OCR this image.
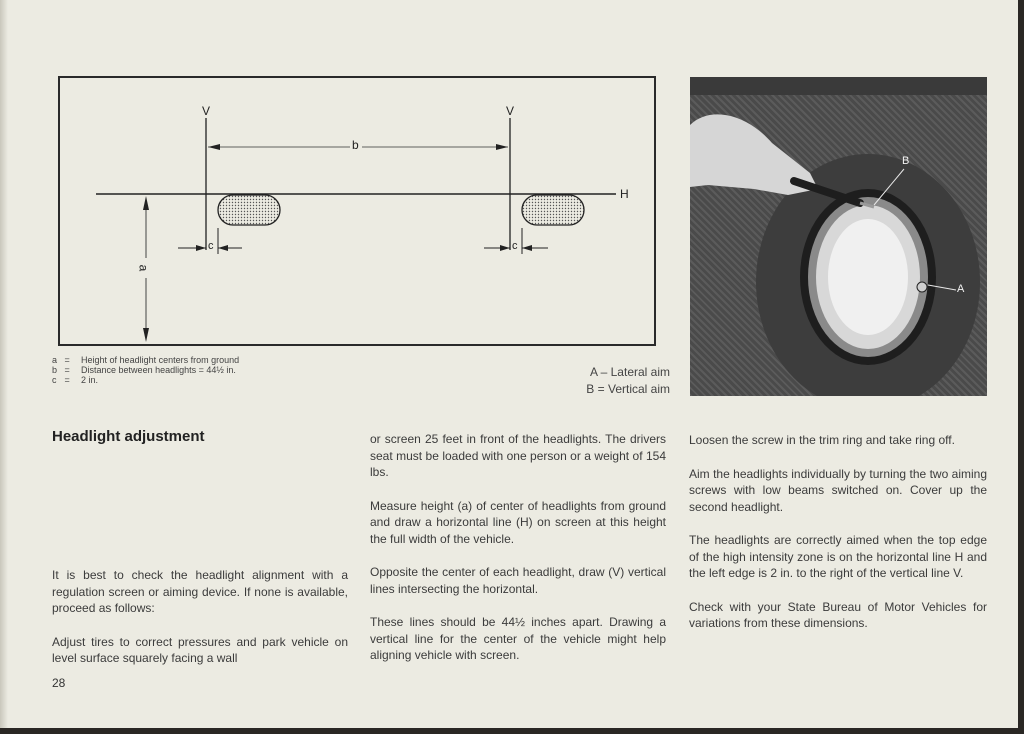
V	V
b
H
a
c	c
a = Height of headlight centers from ground
b = Distance between headlights = 44½ in.
c = 2 in.
A – Lateral aim
B = Vertical aim
B
A
Headlight adjustment

It is best to check the headlight alignment with a regulation screen or aiming device. If none is available, proceed as follows:

Adjust tires to correct pressures and park vehicle on level surface squarely facing a wall

or screen 25 feet in front of the headlights. The drivers seat must be loaded with one person or a weight of 154 lbs.

Measure height (a) of center of headlights from ground and draw a horizontal line (H) on screen at this height the full width of the vehicle.

Opposite the center of each headlight, draw (V) vertical lines intersecting the horizontal.

These lines should be 44½ inches apart. Drawing a vertical line for the center of the vehicle might help aligning vehicle with screen.

Loosen the screw in the trim ring and take ring off.

Aim the headlights individually by turning the two aiming screws with low beams switched on. Cover up the second headlight.

The headlights are correctly aimed when the top edge of the high intensity zone is on the horizontal line H and the left edge is 2 in. to the right of the vertical line V.

Check with your State Bureau of Motor Vehicles for variations from these dimensions.

28
